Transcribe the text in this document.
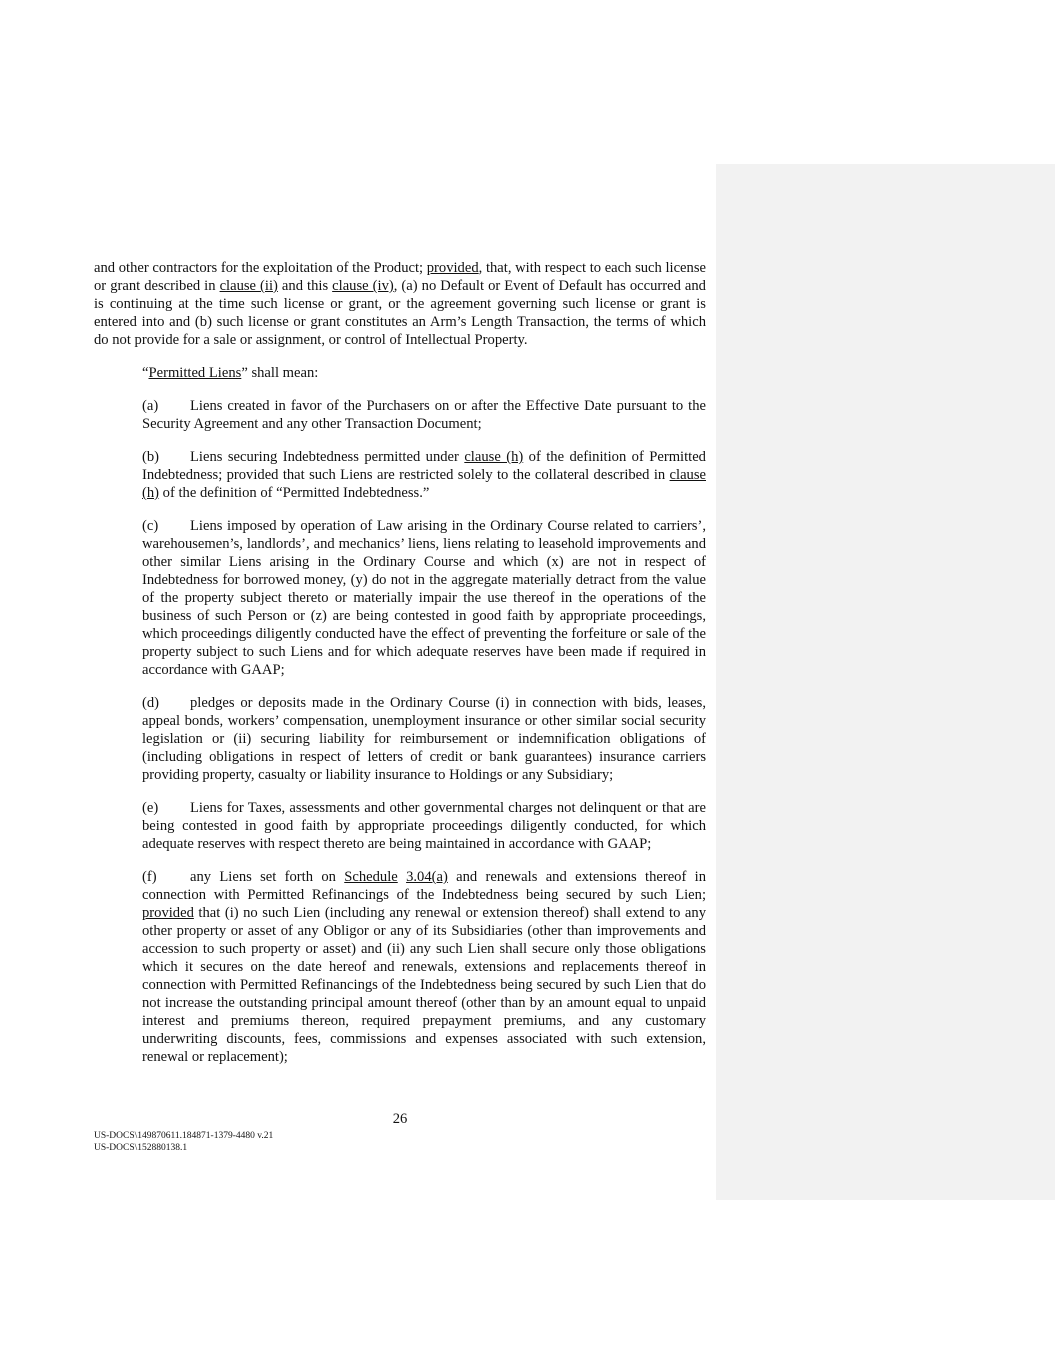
and other contractors for the exploitation of the Product; provided, that, with respect to each such license or grant described in clause (ii) and this clause (iv), (a) no Default or Event of Default has occurred and is continuing at the time such license or grant, or the agreement governing such license or grant is entered into and (b) such license or grant constitutes an Arm’s Length Transaction, the terms of which do not provide for a sale or assignment, or control of Intellectual Property.

“Permitted Liens” shall mean:

(a) Liens created in favor of the Purchasers on or after the Effective Date pursuant to the Security Agreement and any other Transaction Document;

(b) Liens securing Indebtedness permitted under clause (h) of the definition of Permitted Indebtedness; provided that such Liens are restricted solely to the collateral described in clause (h) of the definition of “Permitted Indebtedness.”

(c) Liens imposed by operation of Law arising in the Ordinary Course related to carriers’, warehousemen’s, landlords’, and mechanics’ liens, liens relating to leasehold improvements and other similar Liens arising in the Ordinary Course and which (x) are not in respect of Indebtedness for borrowed money, (y) do not in the aggregate materially detract from the value of the property subject thereto or materially impair the use thereof in the operations of the business of such Person or (z) are being contested in good faith by appropriate proceedings, which proceedings diligently conducted have the effect of preventing the forfeiture or sale of the property subject to such Liens and for which adequate reserves have been made if required in accordance with GAAP;

(d) pledges or deposits made in the Ordinary Course (i) in connection with bids, leases, appeal bonds, workers’ compensation, unemployment insurance or other similar social security legislation or (ii) securing liability for reimbursement or indemnification obligations of (including obligations in respect of letters of credit or bank guarantees) insurance carriers providing property, casualty or liability insurance to Holdings or any Subsidiary;

(e) Liens for Taxes, assessments and other governmental charges not delinquent or that are being contested in good faith by appropriate proceedings diligently conducted, for which adequate reserves with respect thereto are being maintained in accordance with GAAP;

(f) any Liens set forth on Schedule 3.04(a) and renewals and extensions thereof in connection with Permitted Refinancings of the Indebtedness being secured by such Lien; provided that (i) no such Lien (including any renewal or extension thereof) shall extend to any other property or asset of any Obligor or any of its Subsidiaries (other than improvements and accession to such property or asset) and (ii) any such Lien shall secure only those obligations which it secures on the date hereof and renewals, extensions and replacements thereof in connection with Permitted Refinancings of the Indebtedness being secured by such Lien that do not increase the outstanding principal amount thereof (other than by an amount equal to unpaid interest and premiums thereon, required prepayment premiums, and any customary underwriting discounts, fees, commissions and expenses associated with such extension, renewal or replacement);

26
US-DOCS\149870611.184871-1379-4480 v.21
US-DOCS\152880138.1
